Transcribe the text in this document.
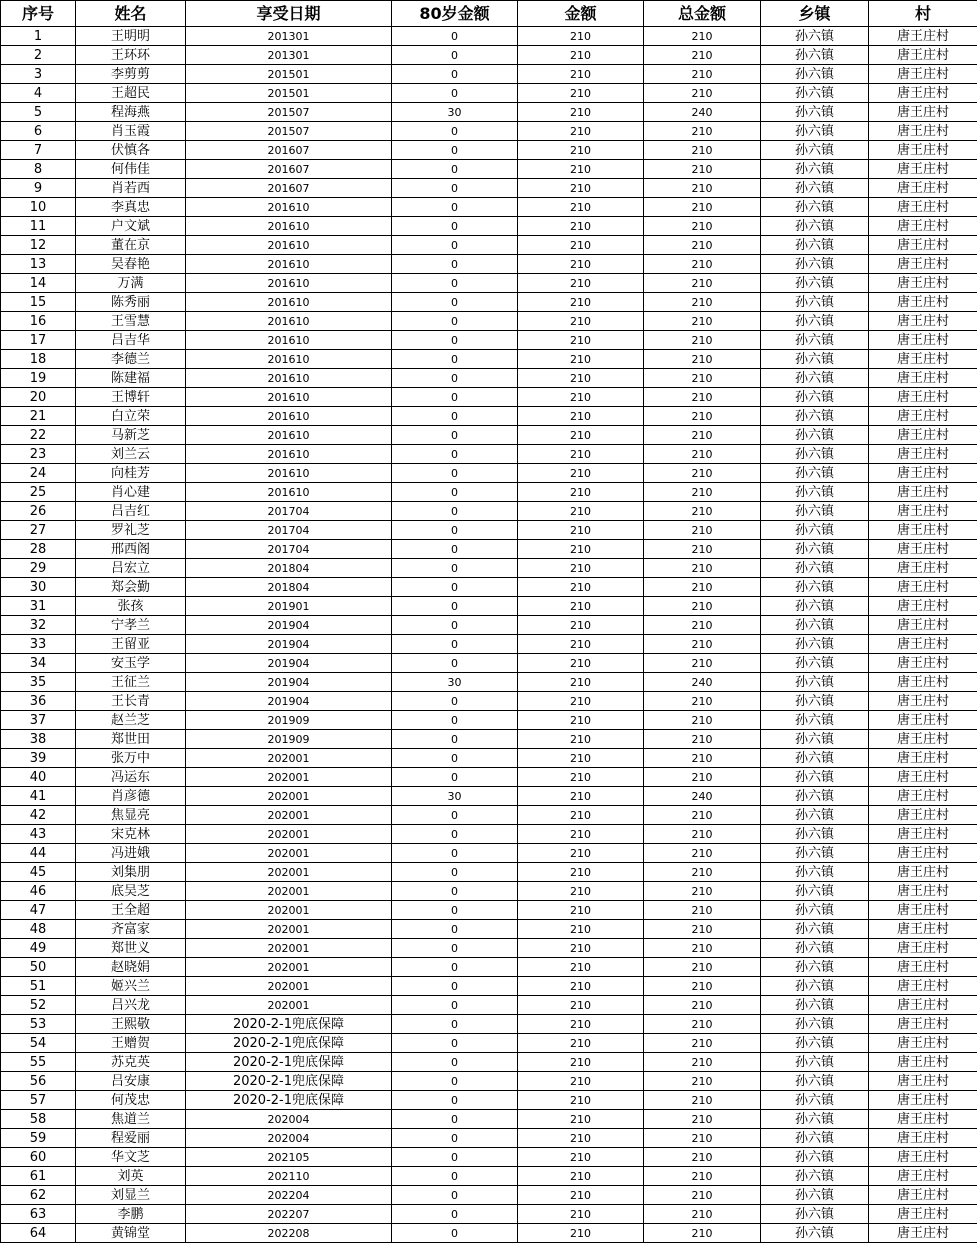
序号	姓名	享受日期	80岁金额	金额	总金额	乡镇	村
1	王明明	201301	0	210	210	孙六镇	唐王庄村
2	王环环	201301	0	210	210	孙六镇	唐王庄村
3	李剪剪	201501	0	210	210	孙六镇	唐王庄村
4	王超民	201501	0	210	210	孙六镇	唐王庄村
5	程海燕	201507	30	210	240	孙六镇	唐王庄村
6	肖玉霞	201507	0	210	210	孙六镇	唐王庄村
7	伏慎各	201607	0	210	210	孙六镇	唐王庄村
8	何伟佳	201607	0	210	210	孙六镇	唐王庄村
9	肖若西	201607	0	210	210	孙六镇	唐王庄村
10	李真忠	201610	0	210	210	孙六镇	唐王庄村
11	户文斌	201610	0	210	210	孙六镇	唐王庄村
12	董在京	201610	0	210	210	孙六镇	唐王庄村
13	吴春艳	201610	0	210	210	孙六镇	唐王庄村
14	万满	201610	0	210	210	孙六镇	唐王庄村
15	陈秀丽	201610	0	210	210	孙六镇	唐王庄村
16	王雪慧	201610	0	210	210	孙六镇	唐王庄村
17	吕吉华	201610	0	210	210	孙六镇	唐王庄村
18	李德兰	201610	0	210	210	孙六镇	唐王庄村
19	陈建福	201610	0	210	210	孙六镇	唐王庄村
20	王博轩	201610	0	210	210	孙六镇	唐王庄村
21	白立荣	201610	0	210	210	孙六镇	唐王庄村
22	马新芝	201610	0	210	210	孙六镇	唐王庄村
23	刘兰云	201610	0	210	210	孙六镇	唐王庄村
24	向桂芳	201610	0	210	210	孙六镇	唐王庄村
25	肖心建	201610	0	210	210	孙六镇	唐王庄村
26	吕吉红	201704	0	210	210	孙六镇	唐王庄村
27	罗礼芝	201704	0	210	210	孙六镇	唐王庄村
28	邢西阁	201704	0	210	210	孙六镇	唐王庄村
29	吕宏立	201804	0	210	210	孙六镇	唐王庄村
30	郑会勤	201804	0	210	210	孙六镇	唐王庄村
31	张孩	201901	0	210	210	孙六镇	唐王庄村
32	宁孝兰	201904	0	210	210	孙六镇	唐王庄村
33	王留亚	201904	0	210	210	孙六镇	唐王庄村
34	安玉学	201904	0	210	210	孙六镇	唐王庄村
35	王征兰	201904	30	210	240	孙六镇	唐王庄村
36	王长青	201904	0	210	210	孙六镇	唐王庄村
37	赵兰芝	201909	0	210	210	孙六镇	唐王庄村
38	郑世田	201909	0	210	210	孙六镇	唐王庄村
39	张万中	202001	0	210	210	孙六镇	唐王庄村
40	冯运东	202001	0	210	210	孙六镇	唐王庄村
41	肖彦德	202001	30	210	240	孙六镇	唐王庄村
42	焦显亮	202001	0	210	210	孙六镇	唐王庄村
43	宋克林	202001	0	210	210	孙六镇	唐王庄村
44	冯进娥	202001	0	210	210	孙六镇	唐王庄村
45	刘集朋	202001	0	210	210	孙六镇	唐王庄村
46	底吴芝	202001	0	210	210	孙六镇	唐王庄村
47	王全超	202001	0	210	210	孙六镇	唐王庄村
48	齐富家	202001	0	210	210	孙六镇	唐王庄村
49	郑世义	202001	0	210	210	孙六镇	唐王庄村
50	赵晓娟	202001	0	210	210	孙六镇	唐王庄村
51	姬兴兰	202001	0	210	210	孙六镇	唐王庄村
52	吕兴龙	202001	0	210	210	孙六镇	唐王庄村
53	王熙敬	2020-2-1兜底保障	0	210	210	孙六镇	唐王庄村
54	王赠贺	2020-2-1兜底保障	0	210	210	孙六镇	唐王庄村
55	苏克英	2020-2-1兜底保障	0	210	210	孙六镇	唐王庄村
56	吕安康	2020-2-1兜底保障	0	210	210	孙六镇	唐王庄村
57	何茂忠	2020-2-1兜底保障	0	210	210	孙六镇	唐王庄村
58	焦道兰	202004	0	210	210	孙六镇	唐王庄村
59	程爱丽	202004	0	210	210	孙六镇	唐王庄村
60	华文芝	202105	0	210	210	孙六镇	唐王庄村
61	刘英	202110	0	210	210	孙六镇	唐王庄村
62	刘显兰	202204	0	210	210	孙六镇	唐王庄村
63	李鹏	202207	0	210	210	孙六镇	唐王庄村
64	黄锦堂	202208	0	210	210	孙六镇	唐王庄村
